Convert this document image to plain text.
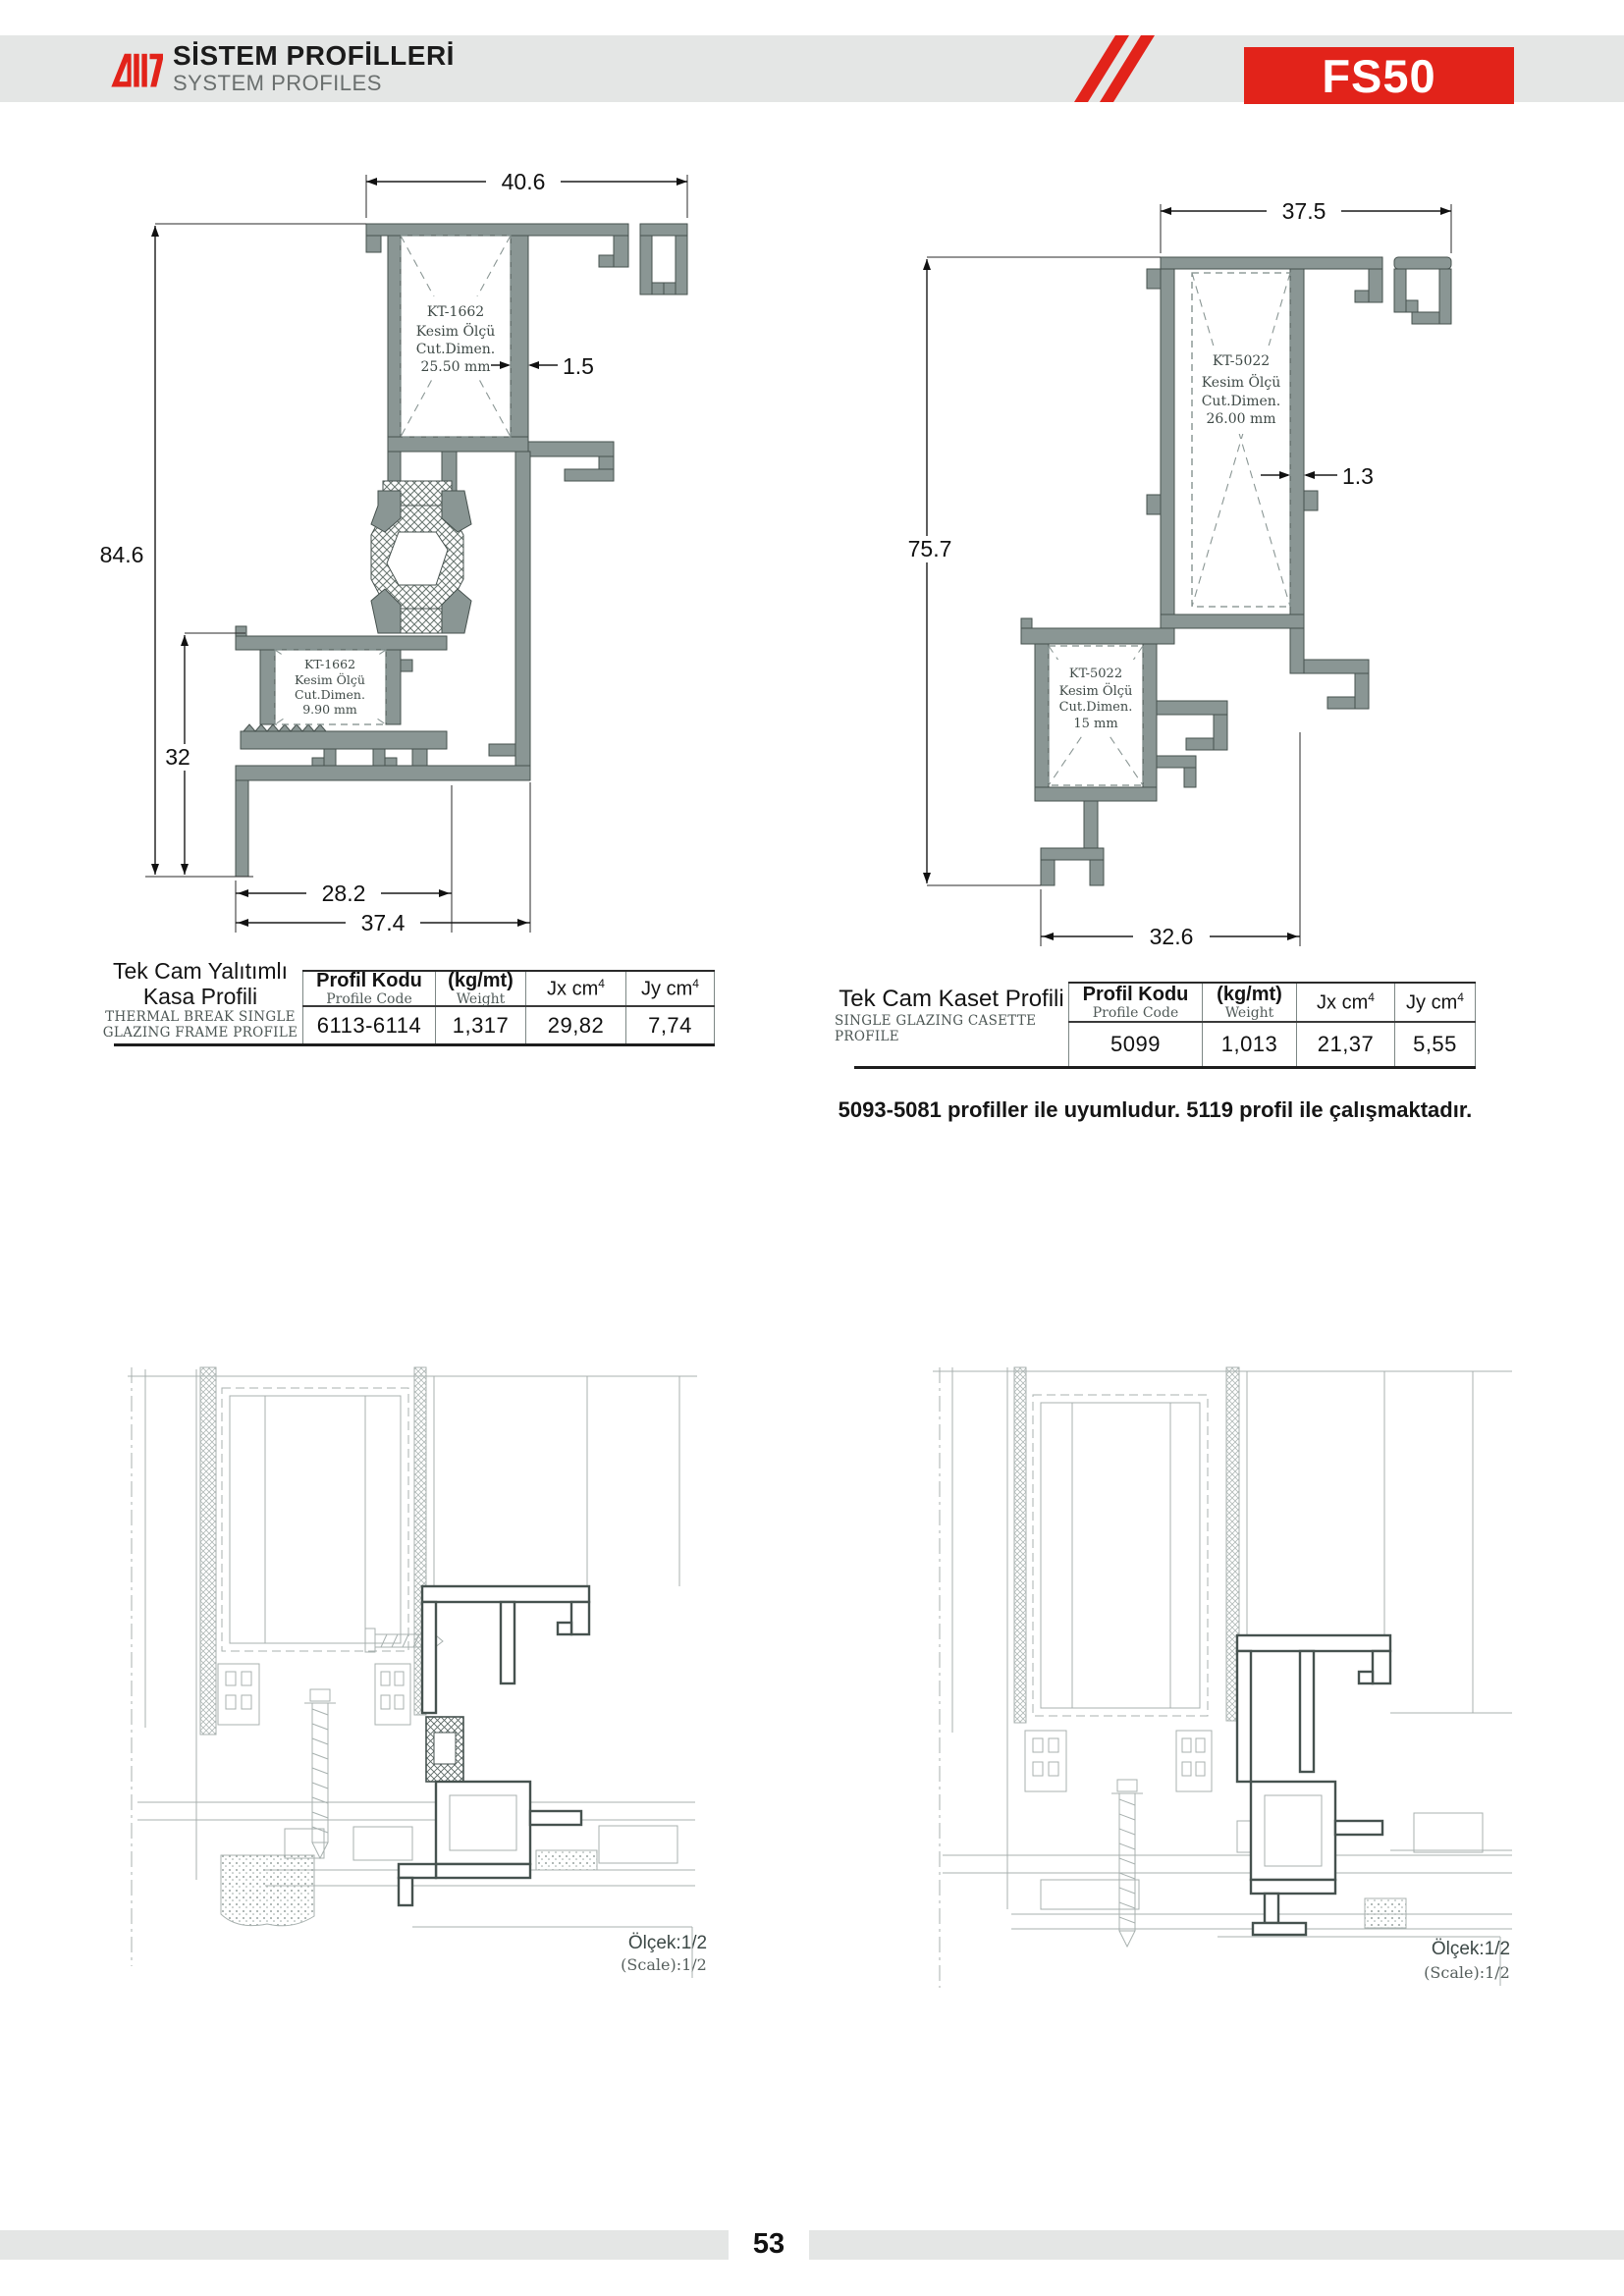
SİSTEM PROFİLLERİ
SYSTEM PROFILES	FS50
KT-1662
Kesim Ölçü
Cut.Dimen.
25.50 mm
KT-1662
Kesim Ölçü
Cut.Dimen.
9.90 mm
40.6
84.6
32
1.5
28.2
37.4
KT-5022
Kesim Ölçü
Cut.Dimen.
26.00 mm
KT-5022
Kesim Ölçü
Cut.Dimen.
15 mm
37.5
75.7
1.3
32.6
Tek Cam Yalıtımlı
Kasa Profili
THERMAL BREAK SINGLE
GLAZING FRAME PROFILE
Profil Kodu
Profile Code
(kg/mt)
Weight Jx $cm^4$ Jy $cm^4$
6113-6114 1,317 29,82 7,74
Tek Cam Kaset Profili
SINGLE GLAZING CASETTE PROFILE
Profil Kodu
Profile Code
(kg/mt)
Weight Jx $cm^4$ Jy $cm^4$
5099	1,013 21,37 5,55
5093-5081 profiller ile uyumludur. 5119 profil ile çalışmaktadır.
Ölçek:1/2
(Scale):1/2
Ölçek:1/2
(Scale):1/2
53
